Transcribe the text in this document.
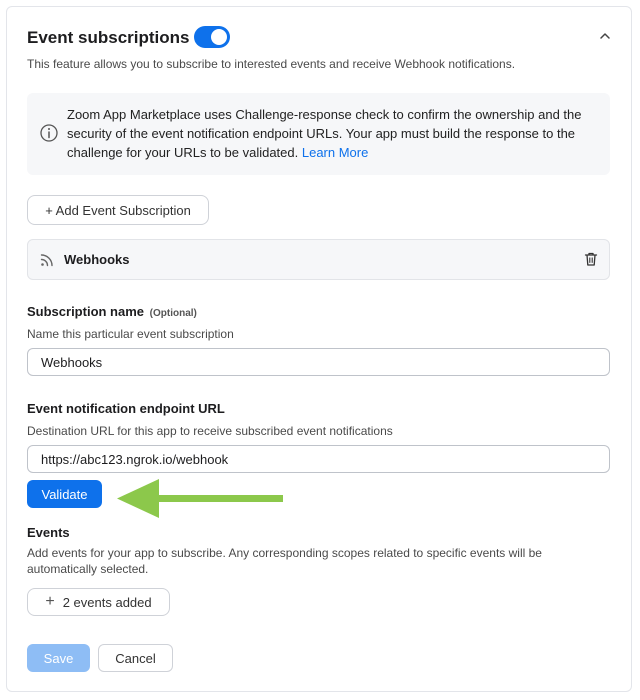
Event subscriptions
This feature allows you to subscribe to interested events and receive Webhook notifications.
Zoom App Marketplace uses Challenge-response check to confirm the ownership and the security of the event notification endpoint URLs. Your app must build the response to the challenge for your URLs to be validated. Learn More
+ Add Event Subscription
Webhooks
Subscription name (Optional)
Name this particular event subscription
Webhooks
Event notification endpoint URL
Destination URL for this app to receive subscribed event notifications
https://abc123.ngrok.io/webhook
Validate
Events
Add events for your app to subscribe. Any corresponding scopes related to specific events will be automatically selected.
+ 2 events added
Save	Cancel
